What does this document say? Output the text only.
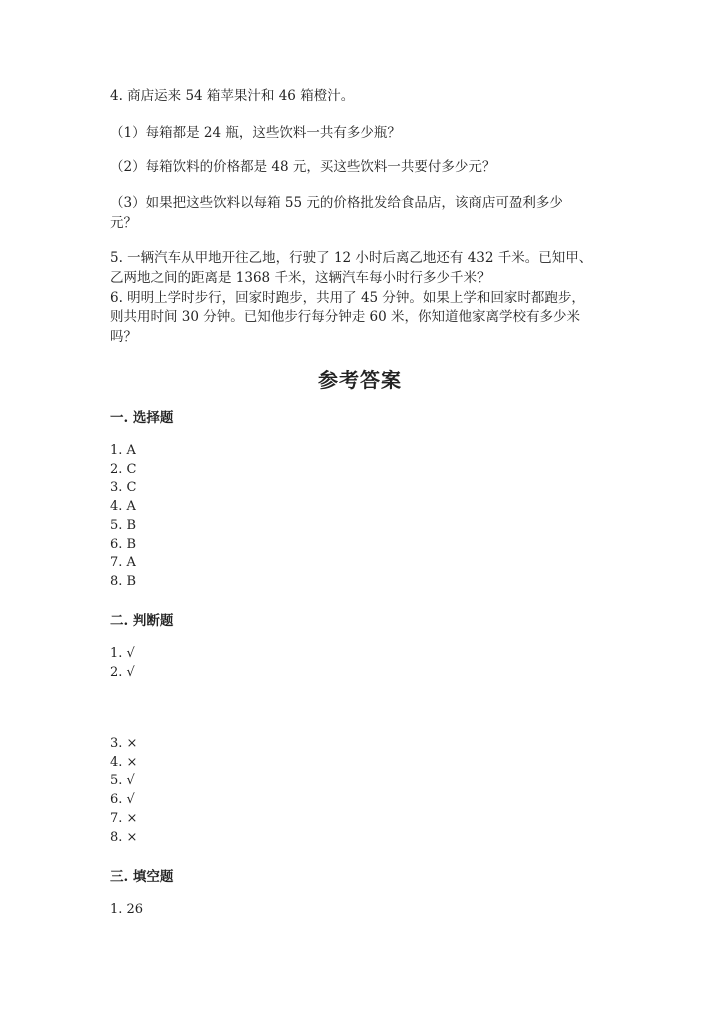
4. 商店运来 54 箱苹果汁和 46 箱橙汁。
（1）每箱都是 24 瓶，这些饮料一共有多少瓶？
（2）每箱饮料的价格都是 48 元，买这些饮料一共要付多少元？
（3）如果把这些饮料以每箱 55 元的价格批发给食品店，该商店可盈利多少
元？
5. 一辆汽车从甲地开往乙地，行驶了 12 小时后离乙地还有 432 千米。已知甲、
乙两地之间的距离是 1368 千米，这辆汽车每小时行多少千米？
6. 明明上学时步行，回家时跑步，共用了 45 分钟。如果上学和回家时都跑步，
则共用时间 30 分钟。已知他步行每分钟走 60 米，你知道他家离学校有多少米
吗？
参考答案
一. 选择题
1. A
2. C
3. C
4. A
5. B
6. B
7. A
8. B
二. 判断题
1. √
2. √
3. ×
4. ×
5. √
6. √
7. ×
8. ×
三. 填空题
1. 26
